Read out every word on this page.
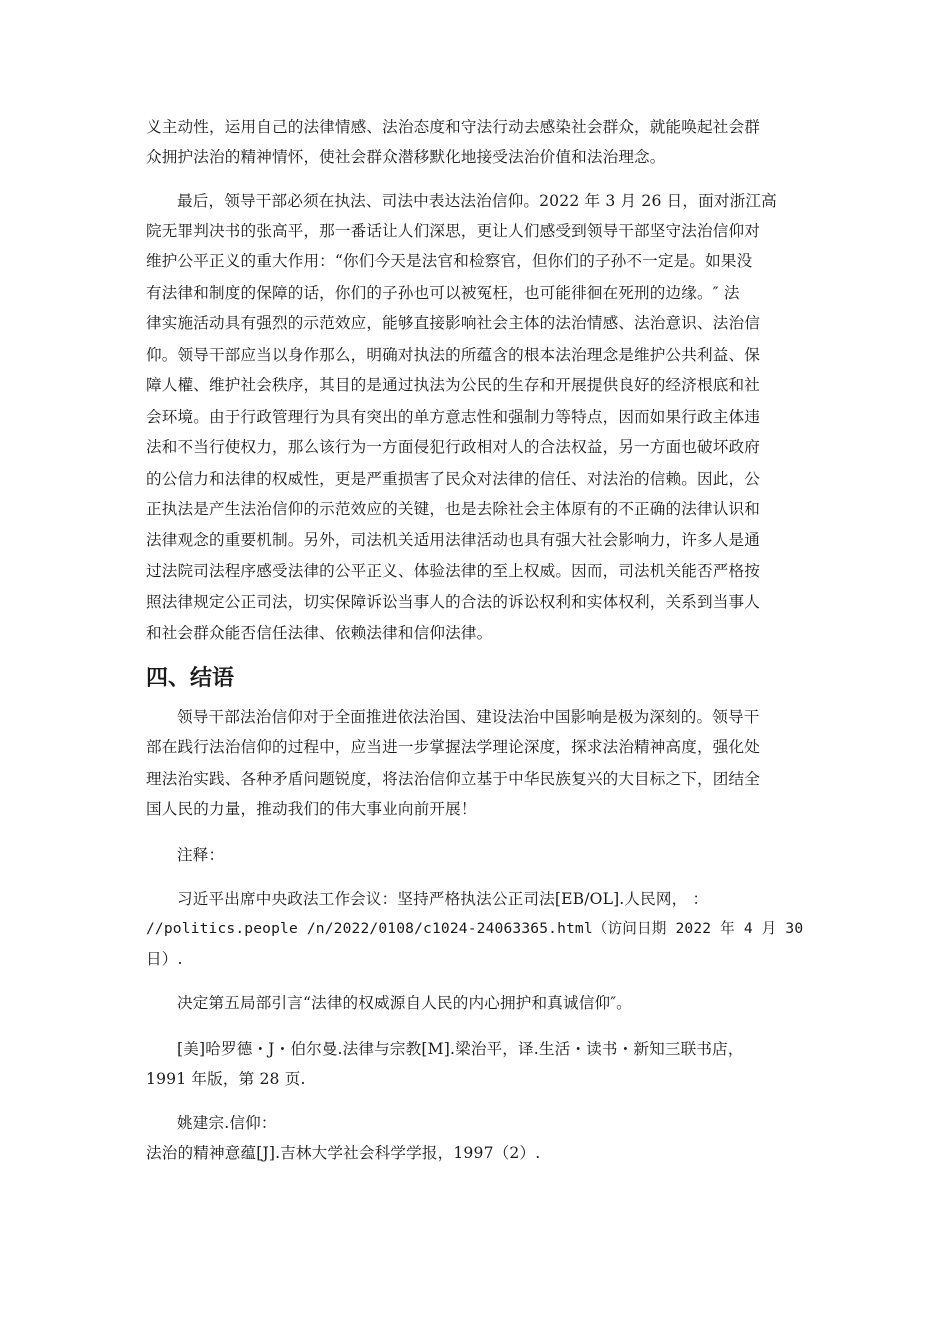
义主动性，运用自己的法律情感、法治态度和守法行动去感染社会群众，就能唤起社会群
众拥护法治的精神情怀，使社会群众潜移默化地接受法治价值和法治理念。
最后，领导干部必须在执法、司法中表达法治信仰。2022 年 3 月 26 日，面对浙江高
院无罪判决书的张高平，那一番话让人们深思，更让人们感受到领导干部坚守法治信仰对
维护公平正义的重大作用：“你们今天是法官和检察官，但你们的子孙不一定是。如果没
有法律和制度的保障的话，你们的子孙也可以被冤枉，也可能徘徊在死刑的边缘。″ 法
律实施活动具有强烈的示范效应，能够直接影响社会主体的法治情感、法治意识、法治信
仰。领导干部应当以身作那么，明确对执法的所蕴含的根本法治理念是维护公共利益、保
障人權、维护社会秩序，其目的是通过执法为公民的生存和开展提供良好的经济根底和社
会环境。由于行政管理行为具有突出的单方意志性和强制力等特点，因而如果行政主体违
法和不当行使权力，那么该行为一方面侵犯行政相对人的合法权益，另一方面也破坏政府
的公信力和法律的权威性，更是严重损害了民众对法律的信任、对法治的信赖。因此，公
正执法是产生法治信仰的示范效应的关键，也是去除社会主体原有的不正确的法律认识和
法律观念的重要机制。另外，司法机关适用法律活动也具有强大社会影响力，许多人是通
过法院司法程序感受法律的公平正义、体验法律的至上权威。因而，司法机关能否严格按
照法律规定公正司法，切实保障诉讼当事人的合法的诉讼权利和实体权利，关系到当事人
和社会群众能否信任法律、依赖法律和信仰法律。
四、结语
领导干部法治信仰对于全面推进依法治国、建设法治中国影响是极为深刻的。领导干
部在践行法治信仰的过程中，应当进一步掌握法学理论深度，探求法治精神高度，强化处
理法治实践、各种矛盾问题锐度，将法治信仰立基于中华民族复兴的大目标之下，团结全
国人民的力量，推动我们的伟大事业向前开展！
注释：
习近平出席中央政法工作会议：坚持严格执法公正司法[EB/OL].人民网， ：
//politics.people /n/2022/0108/c1024-24063365.html（访问日期 2022 年 4 月 30
日）.
决定第五局部引言“法律的权威源自人民的内心拥护和真诚信仰″。
[美]哈罗德・J・伯尔曼.法律与宗教[M].梁治平，译.生活・读书・新知三联书店，
1991 年版，第 28 页.
姚建宗.信仰：
法治的精神意蕴[J].吉林大学社会科学学报，1997（2）.
